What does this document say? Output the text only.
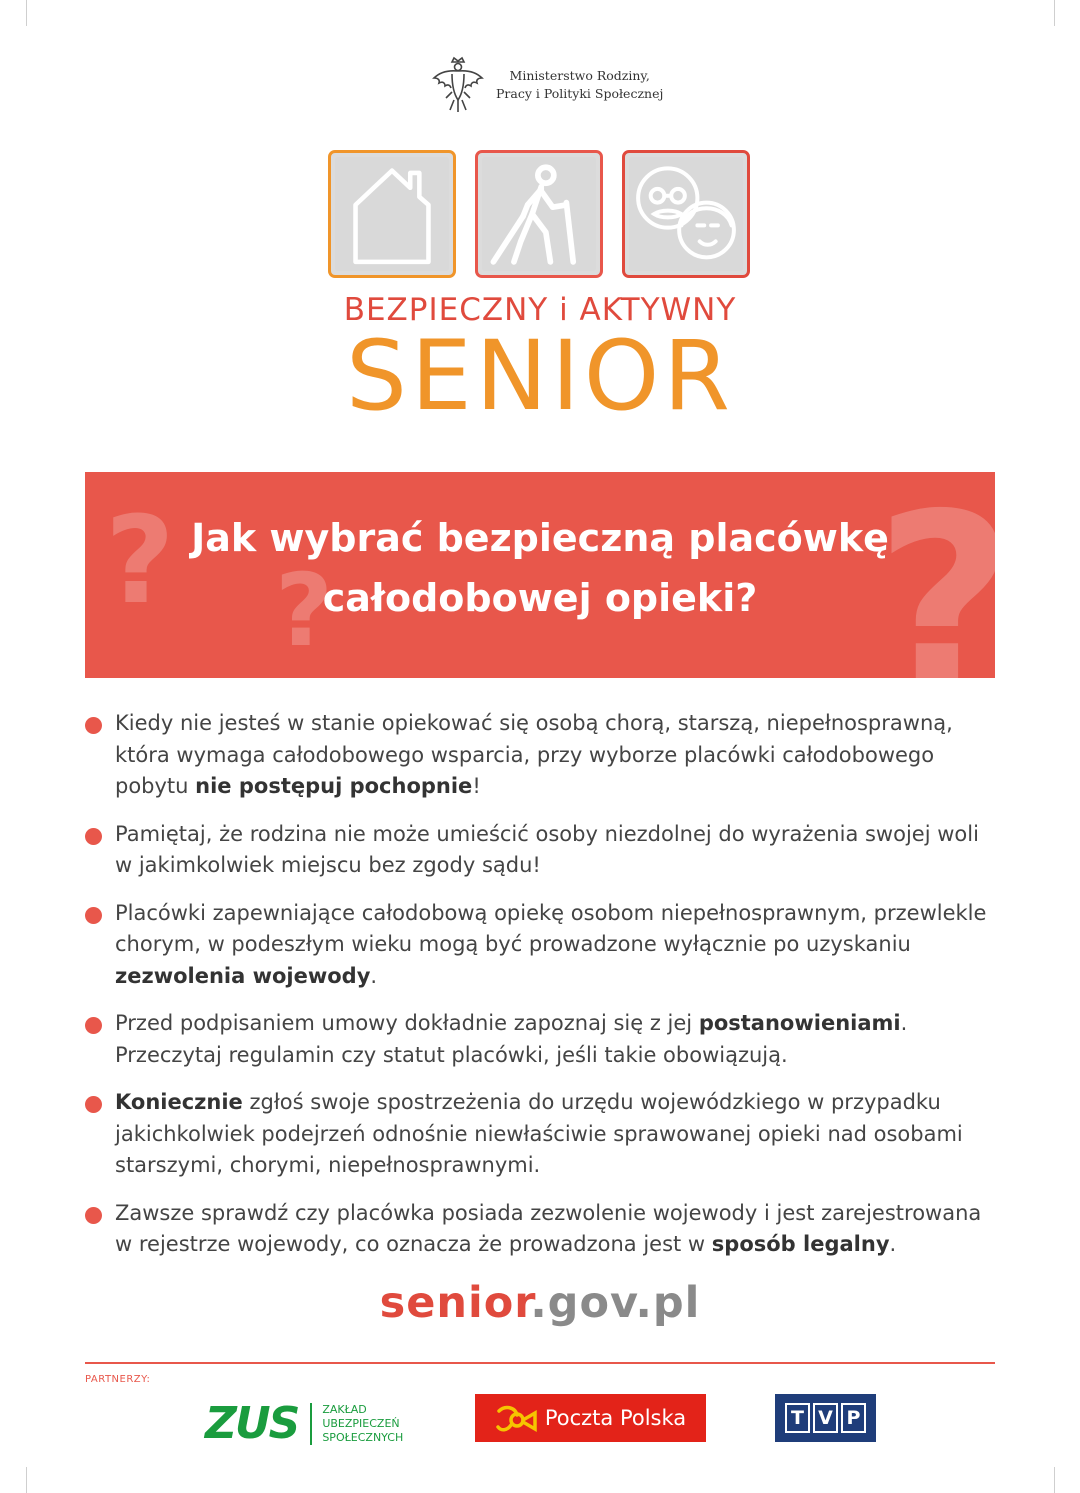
Ministerstwo Rodziny,
Pracy i Polityki Społecznej
BEZPIECZNY i AKTYWNY
SENIOR
? ? ?
Jak wybrać bezpieczną placówkę
całodobowej opieki?
Kiedy nie jesteś w stanie opiekować się osobą chorą, starszą, niepełnosprawną, która wymaga całodobowego wsparcia, przy wyborze placówki całodobowego pobytu nie postępuj pochopnie!
Pamiętaj, że rodzina nie może umieścić osoby niezdolnej do wyrażenia swojej woli w jakimkolwiek miejscu bez zgody sądu!
Placówki zapewniające całodobową opiekę osobom niepełnosprawnym, przewlekle chorym, w podeszłym wieku mogą być prowadzone wyłącznie po uzyskaniu zezwolenia wojewody.
Przed podpisaniem umowy dokładnie zapoznaj się z jej postanowieniami. Przeczytaj regulamin czy statut placówki, jeśli takie obowiązują.
Koniecznie zgłoś swoje spostrzeżenia do urzędu wojewódzkiego w przypadku jakichkolwiek podejrzeń odnośnie niewłaściwie sprawowanej opieki nad osobami starszymi, chorymi, niepełnosprawnymi.
Zawsze sprawdź czy placówka posiada zezwolenie wojewody i jest zarejestrowana w rejestrze wojewody, co oznacza że prowadzona jest w sposób legalny.
senior.gov.pl
PARTNERZY:
ZUS ZAKŁAD
UBEZPIECZEŃ
SPOŁECZNYCH
Poczta Polska	T V P
